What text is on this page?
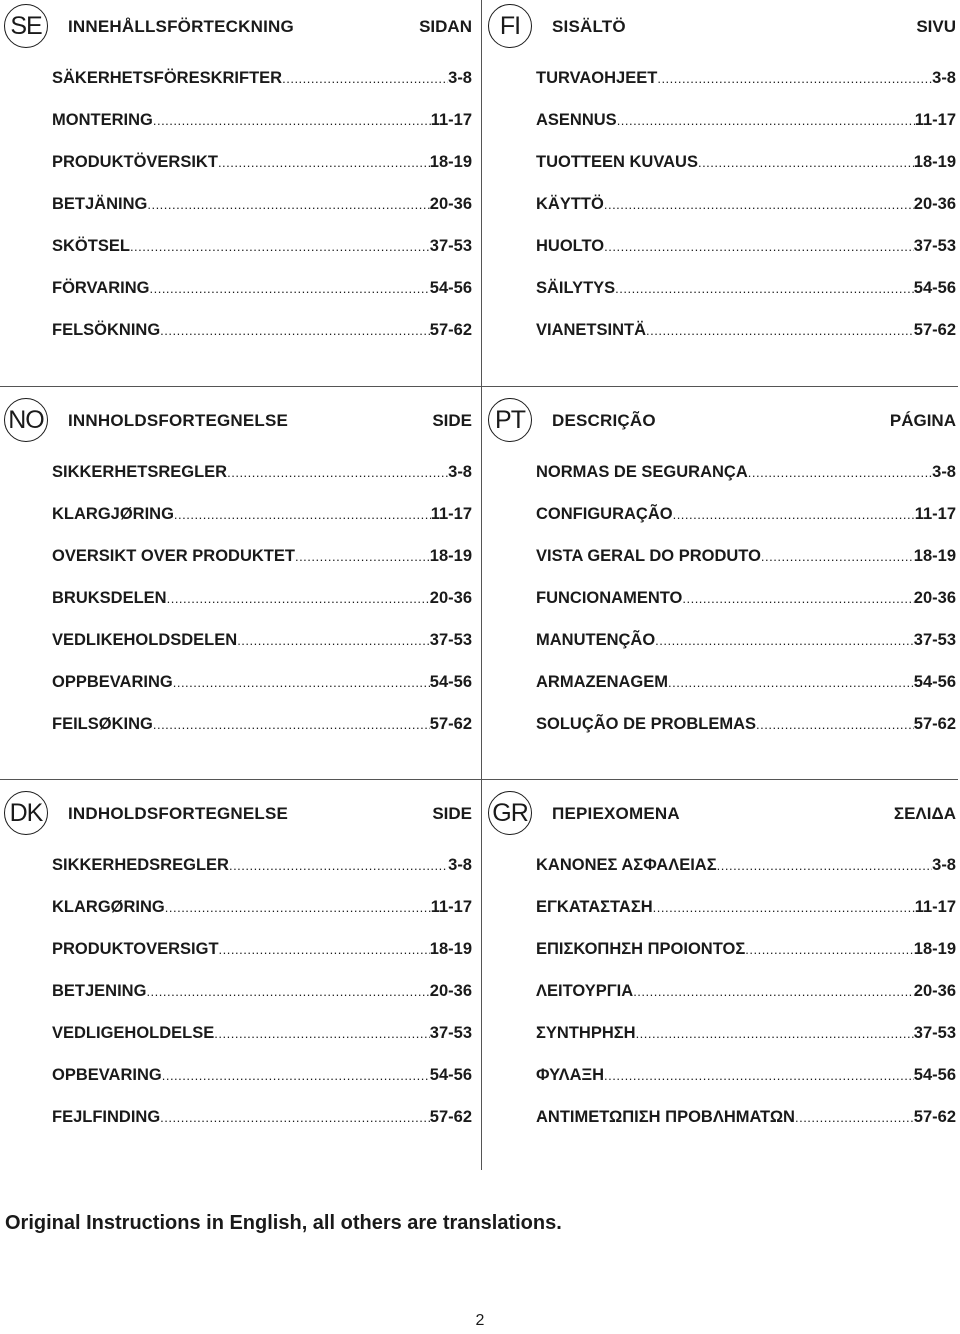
SE	INNEHÅLLSFÖRTECKNING	SIDAN
SÄKERHETSFÖRESKRIFTER .....	3-8
MONTERING .....	11-17
PRODUKTÖVERSIKT .....	18-19
BETJÄNING .....	20-36
SKÖTSEL .....	37-53
FÖRVARING .....	54-56
FELSÖKNING .....	57-62
FI	SISÄLTÖ	SIVU
TURVAOHJEET .....	3-8
ASENNUS .....	11-17
TUOTTEEN KUVAUS .....	18-19
KÄYTTÖ .....	20-36
HUOLTO .....	37-53
SÄILYTYS .....	54-56
VIANETSINTÄ .....	57-62
NO INNHOLDSFORTEGNELSE	SIDE
SIKKERHETSREGLER .....	3-8
KLARGJØRING .....	11-17
OVERSIKT OVER PRODUKTET .....	18-19
BRUKSDELEN .....	20-36
VEDLIKEHOLDSDELEN .....	37-53
OPPBEVARING .....	54-56
FEILSØKING .....	57-62
PT	DESCRIÇÃO	PÁGINA
NORMAS DE SEGURANÇA .....	3-8
CONFIGURAÇÃO .....	11-17
VISTA GERAL DO PRODUTO .....	18-19
FUNCIONAMENTO .....	20-36
MANUTENÇÃO .....	37-53
ARMAZENAGEM .....	54-56
SOLUÇÃO DE PROBLEMAS .....	57-62
DK	INDHOLDSFORTEGNELSE	SIDE
SIKKERHEDSREGLER .....	3-8
KLARGØRING .....	11-17
PRODUKTOVERSIGT .....	18-19
BETJENING .....	20-36
VEDLIGEHOLDELSE .....	37-53
OPBEVARING .....	54-56
FEJLFINDING .....	57-62
GR ΠΕΡΙΕΧΟΜΕΝΑ	ΣΕΛΙΔΑ
ΚΑΝΟΝΕΣ ΑΣΦΑΛΕΙΑΣ .....	3-8
ΕΓΚΑΤΑΣΤΑΣΗ .....	11-17
ΕΠΙΣΚΟΠΗΣΗ ΠΡΟΙΟΝΤΟΣ .....	18-19
ΛΕΙΤΟΥΡΓΙΑ .....	20-36
ΣΥΝΤΗΡΗΣΗ .....	37-53
ΦΥΛΑΞΗ .....	54-56
ΑΝΤΙΜΕΤΩΠΙΣΗ ΠΡΟΒΛΗΜΑΤΩΝ .....	57-62
Original Instructions in English, all others are translations.
2
